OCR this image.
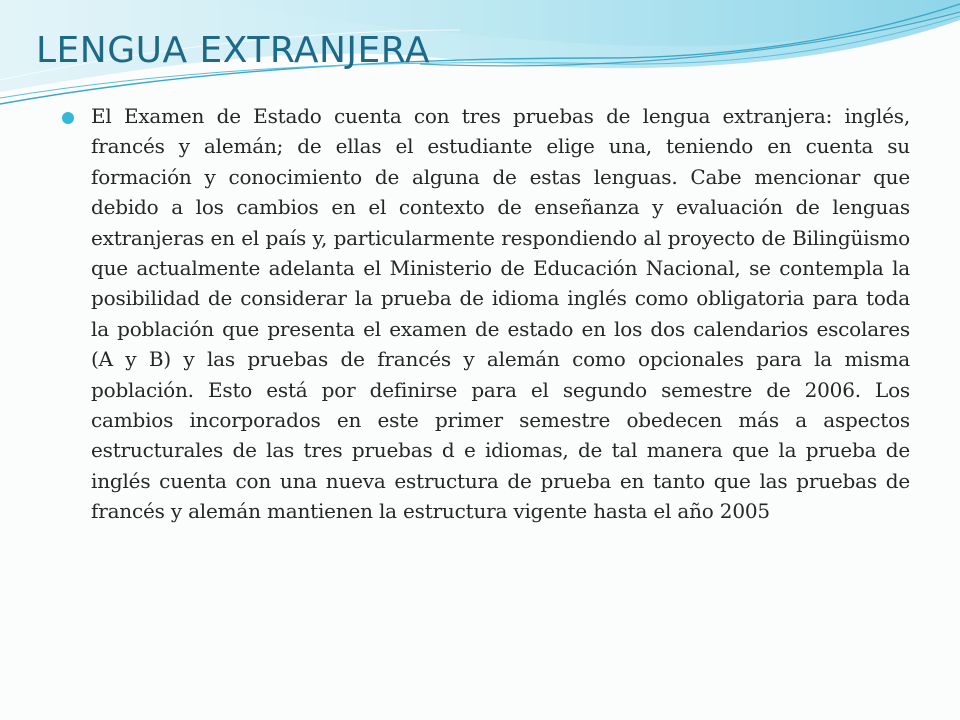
LENGUA EXTRANJERA

El Examen de Estado cuenta con tres pruebas de lengua extranjera: inglés, francés y alemán; de ellas el estudiante elige una, teniendo en cuenta su formación y conocimiento de alguna de estas lenguas. Cabe mencionar que debido a los cambios en el contexto de enseñanza y evaluación de lenguas extranjeras en el país y, particularmente respondiendo al proyecto de Bilingüismo que actualmente adelanta el Ministerio de Educación Nacional, se contempla la posibilidad de considerar la prueba de idioma inglés como obligatoria para toda la población que presenta el examen de estado en los dos calendarios escolares (A y B) y las pruebas de francés y alemán como opcionales para la misma población. Esto está por definirse para el segundo semestre de 2006. Los cambios incorporados en este primer semestre obedecen más a aspectos estructurales de las tres pruebas d e idiomas, de tal manera que la prueba de inglés cuenta con una nueva estructura de prueba en tanto que las pruebas de francés y alemán mantienen la estructura vigente hasta el año 2005
